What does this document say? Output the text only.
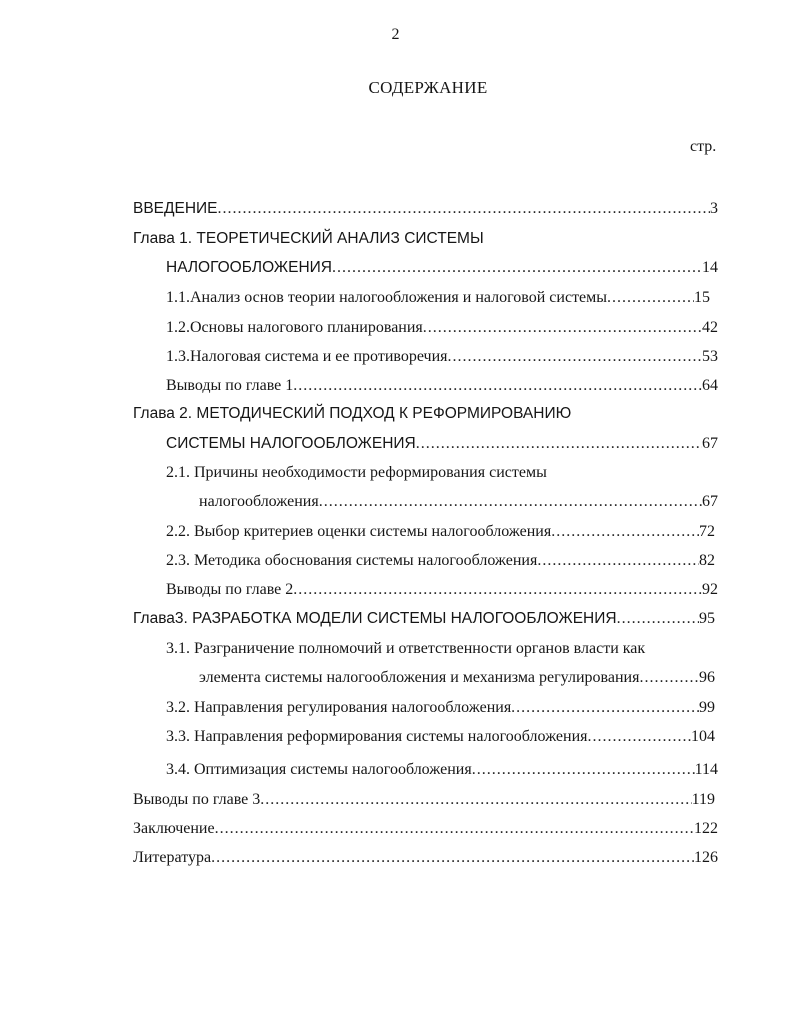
2
СОДЕРЖАНИЕ
стр.
ВВЕДЕНИЕ .....	3
Глава 1. ТЕОРЕТИЧЕСКИЙ АНАЛИЗ СИСТЕМЫ
НАЛОГООБЛОЖЕНИЯ .....	14
1.1.Анализ основ теории налогообложения и налоговой системы .....	15
1.2.Основы налогового планирования .....	42
1.3.Налоговая система и ее противоречия .....	53
Выводы по главе 1 .....	64
Глава 2. МЕТОДИЧЕСКИЙ ПОДХОД К РЕФОРМИРОВАНИЮ
СИСТЕМЫ НАЛОГООБЛОЖЕНИЯ .....	67
2.1. Причины необходимости реформирования системы
налогообложения .....	67
2.2. Выбор критериев оценки системы налогообложения .....	72
2.3. Методика обоснования системы налогообложения .....	82
Выводы по главе 2 .....	92
Глава3. РАЗРАБОТКА МОДЕЛИ СИСТЕМЫ НАЛОГООБЛОЖЕНИЯ .....	95
3.1. Разграничение полномочий и ответственности органов власти как
элемента системы налогообложения и механизма регулирования .....	96
3.2. Направления регулирования налогообложения .....	99
3.3. Направления реформирования системы налогообложения .....	104
3.4. Оптимизация системы налогообложения .....	114
Выводы по главе 3 .....	119
Заключение .....	122
Литература .....	126
